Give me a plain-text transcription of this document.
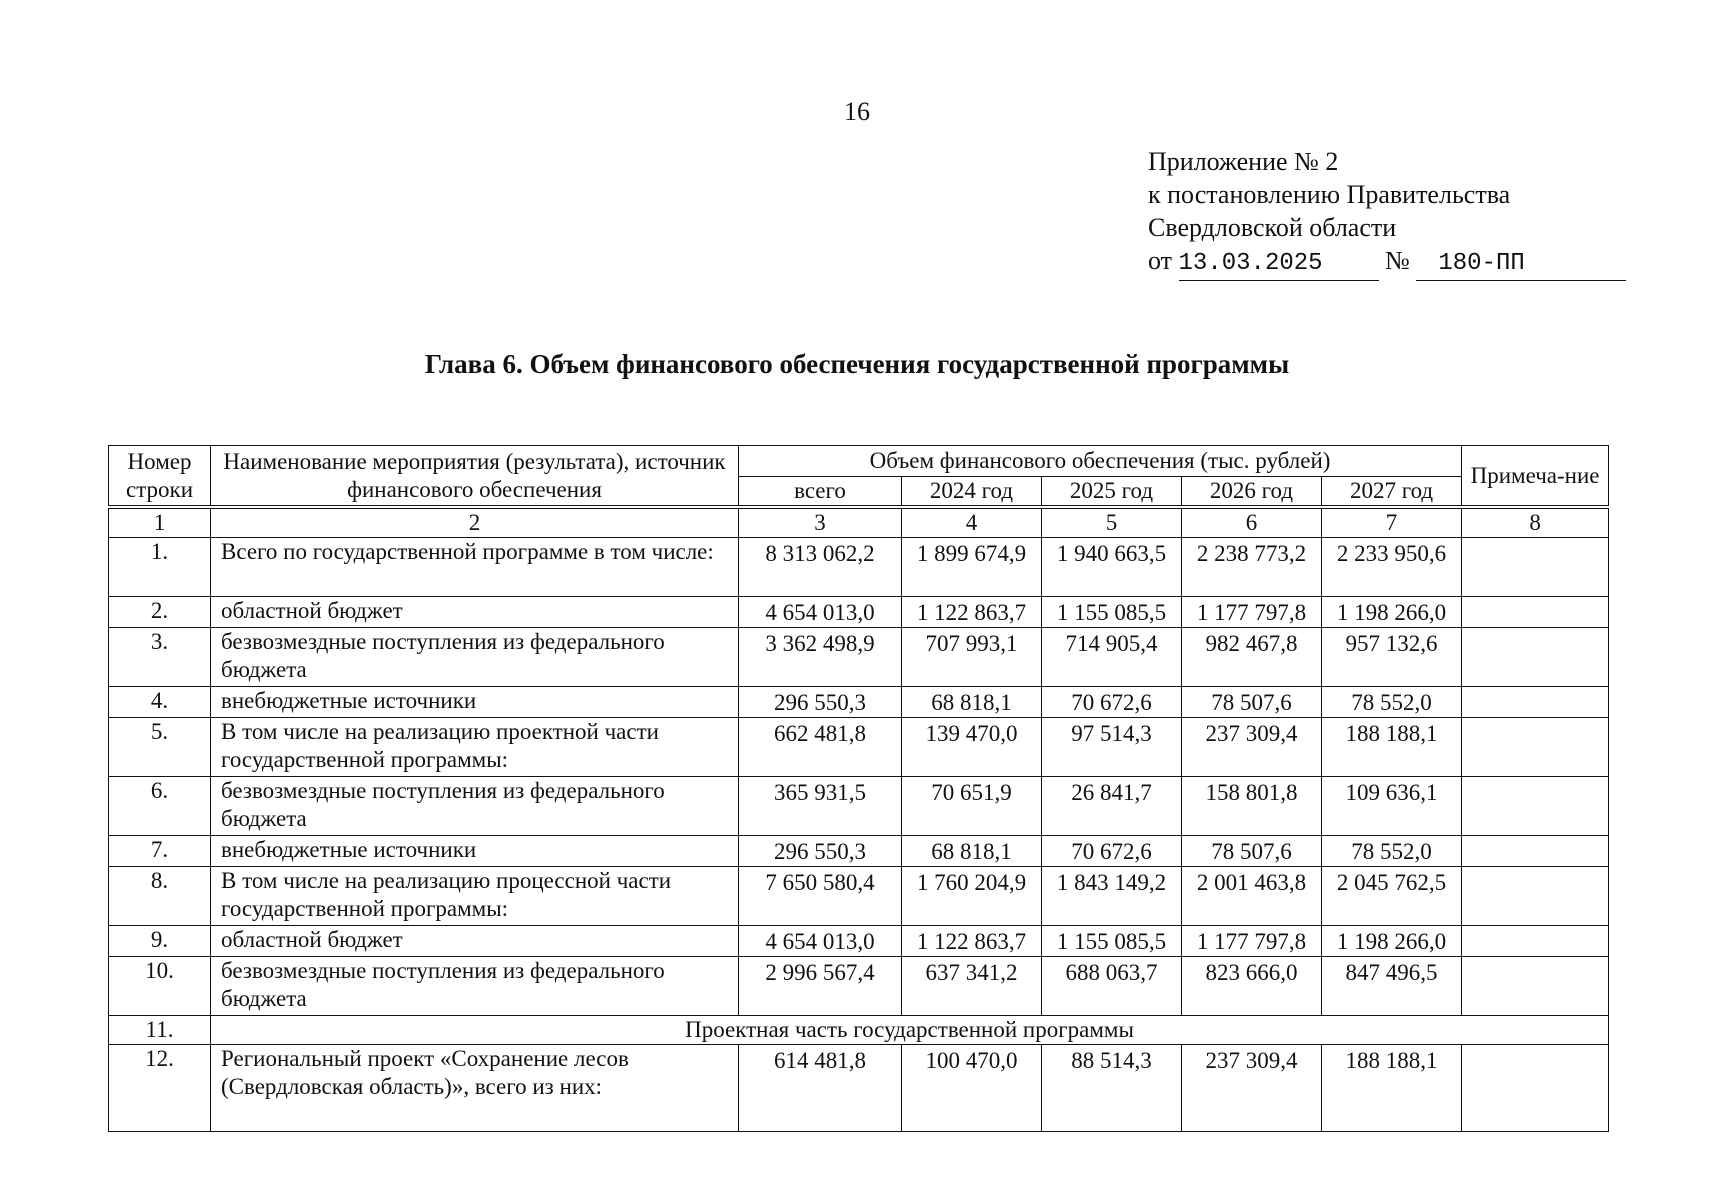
16
Приложение № 2
к постановлению Правительства
Свердловской области
от 13.03.2025 № 180-ПП
Глава 6. Объем финансового обеспечения государственной программы
Номер строки	Наименование мероприятия (результата), источник финансового обеспечения	Объем финансового обеспечения (тыс. рублей)					Примеча-ние
		всего	2024 год	2025 год	2026 год	2027 год	
1	2	3	4	5	6	7	8
1.	Всего по государственной программе в том числе:	8 313 062,2	1 899 674,9	1 940 663,5	2 238 773,2	2 233 950,6	
2.	областной бюджет	4 654 013,0	1 122 863,7	1 155 085,5	1 177 797,8	1 198 266,0	
3.	безвозмездные поступления из федерального бюджета	3 362 498,9	707 993,1	714 905,4	982 467,8	957 132,6	
4.	внебюджетные источники	296 550,3	68 818,1	70 672,6	78 507,6	78 552,0	
5.	В том числе на реализацию проектной части государственной программы:	662 481,8	139 470,0	97 514,3	237 309,4	188 188,1	
6.	безвозмездные поступления из федерального бюджета	365 931,5	70 651,9	26 841,7	158 801,8	109 636,1	
7.	внебюджетные источники	296 550,3	68 818,1	70 672,6	78 507,6	78 552,0	
8.	В том числе на реализацию процессной части государственной программы:	7 650 580,4	1 760 204,9	1 843 149,2	2 001 463,8	2 045 762,5	
9.	областной бюджет	4 654 013,0	1 122 863,7	1 155 085,5	1 177 797,8	1 198 266,0	
10.	безвозмездные поступления из федерального бюджета	2 996 567,4	637 341,2	688 063,7	823 666,0	847 496,5	
11.	Проектная часть государственной программы						
12.	Региональный проект «Сохранение лесов (Свердловская область)», всего из них:	614 481,8	100 470,0	88 514,3	237 309,4	188 188,1	
